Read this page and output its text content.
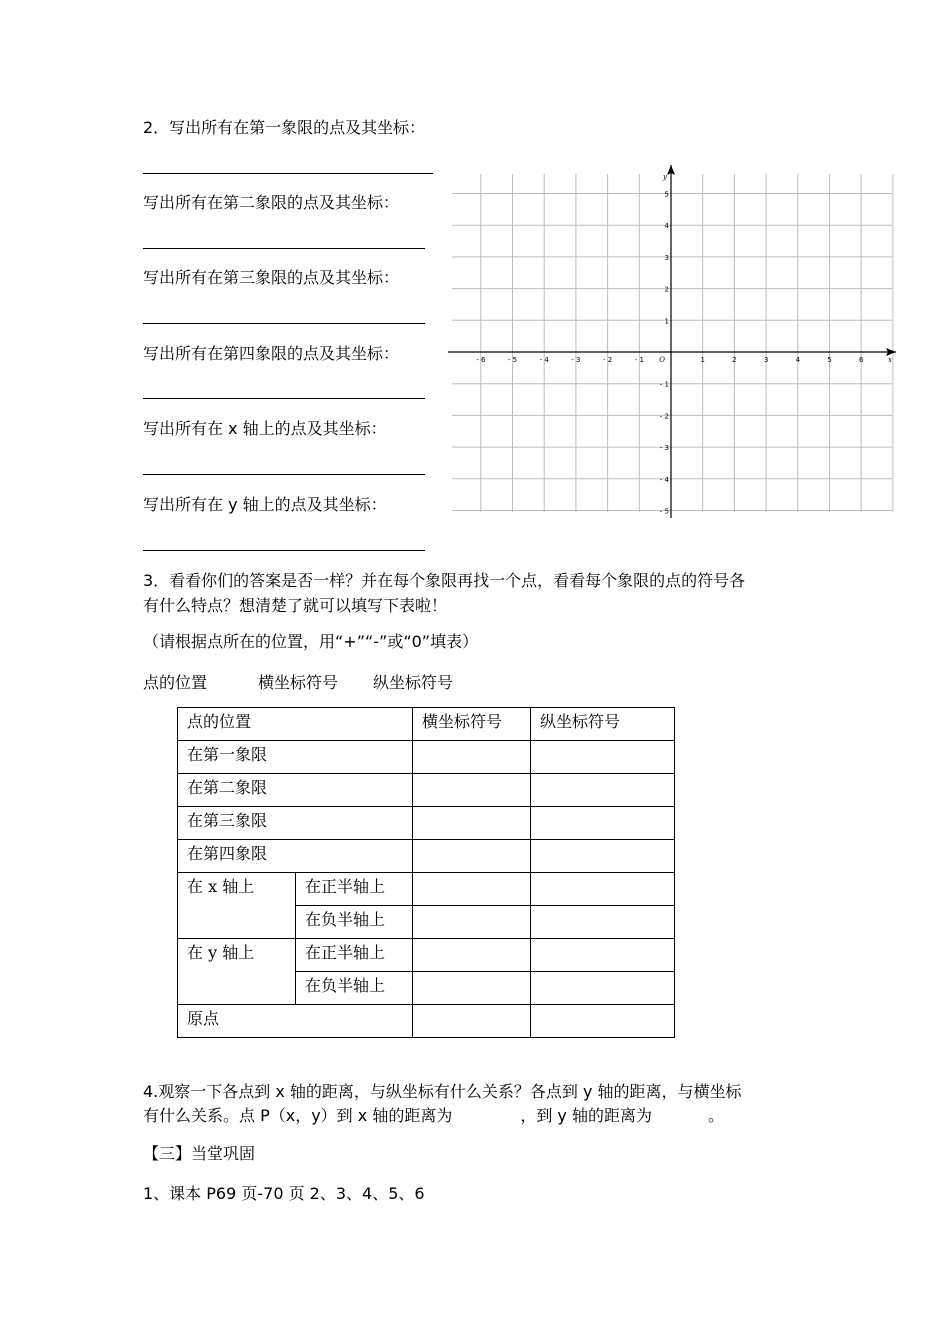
2．写出所有在第一象限的点及其坐标：
写出所有在第二象限的点及其坐标：
写出所有在第三象限的点及其坐标：
写出所有在第四象限的点及其坐标：
写出所有在 x 轴上的点及其坐标：
写出所有在 y 轴上的点及其坐标：
- 6	- 5	- 4	- 3	- 2	- 1	1	2	3	4	5	6
5
4
3
2
1
- 1
- 2
- 3
- 4
- 5
O	x
y
3．看看你们的答案是否一样？并在每个象限再找一个点，看看每个象限的点的符号各
有什么特点？想清楚了就可以填写下表啦！
（请根据点所在的位置，用“+”“-”或“0”填表）
点的位置	横坐标符号 纵坐标符号
点的位置		横坐标符号	纵坐标符号
在第一象限			
在第二象限			
在第三象限			
在第四象限			
在 x 轴上	在正半轴上		
	在负半轴上		
在 y 轴上	在正半轴上		
	在负半轴上		
原点			
4.观察一下各点到 x 轴的距离，与纵坐标有什么关系？各点到 y 轴的距离，与横坐标
有什么关系。点 P（x，y）到 x 轴的距离为	，到 y 轴的距离为	。
【三】当堂巩固
1、课本 P69 页-70 页 2、3、4、5、6
